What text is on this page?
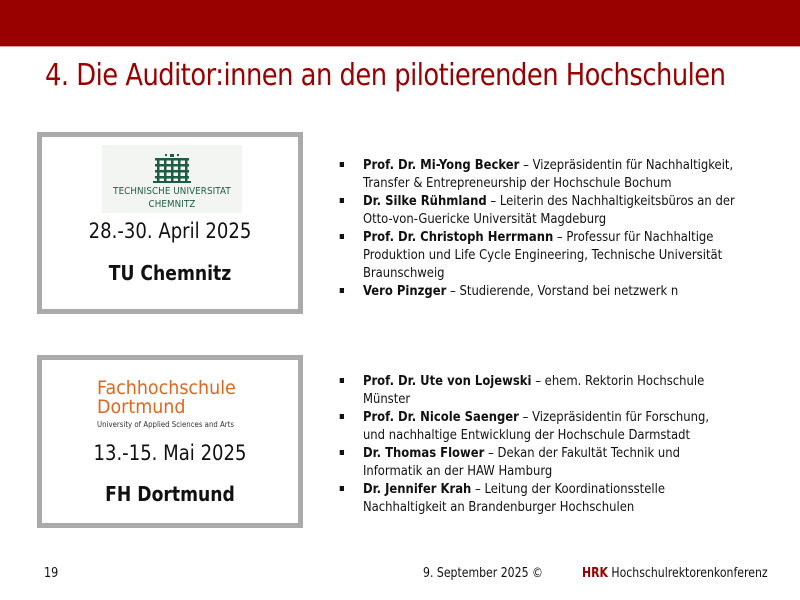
4. Die Auditor:innen an den pilotierenden Hochschulen
TECHNISCHE UNIVERSITÄT
CHEMNITZ
28.-30. April 2025
TU Chemnitz
Prof. Dr. Mi-Yong Becker – Vizepräsidentin für Nachhaltigkeit,
Transfer & Entrepreneurship der Hochschule Bochum
Dr. Silke Rühmland – Leiterin des Nachhaltigkeitsbüros an der
Otto-von-Guericke Universität Magdeburg
Prof. Dr. Christoph Herrmann – Professur für Nachhaltige
Produktion und Life Cycle Engineering, Technische Universität
Braunschweig
Vero Pinzger – Studierende, Vorstand bei netzwerk n
Fachhochschule
Dortmund
University of Applied Sciences and Arts
13.-15. Mai 2025
FH Dortmund
Prof. Dr. Ute von Lojewski – ehem. Rektorin Hochschule
Münster
Prof. Dr. Nicole Saenger – Vizepräsidentin für Forschung,
und nachhaltige Entwicklung der Hochschule Darmstadt
Dr. Thomas Flower – Dekan der Fakultät Technik und
Informatik an der HAW Hamburg
Dr. Jennifer Krah – Leitung der Koordinationsstelle
Nachhaltigkeit an Brandenburger Hochschulen
19	9. September 2025 ©	HRK Hochschulrektorenkonferenz
